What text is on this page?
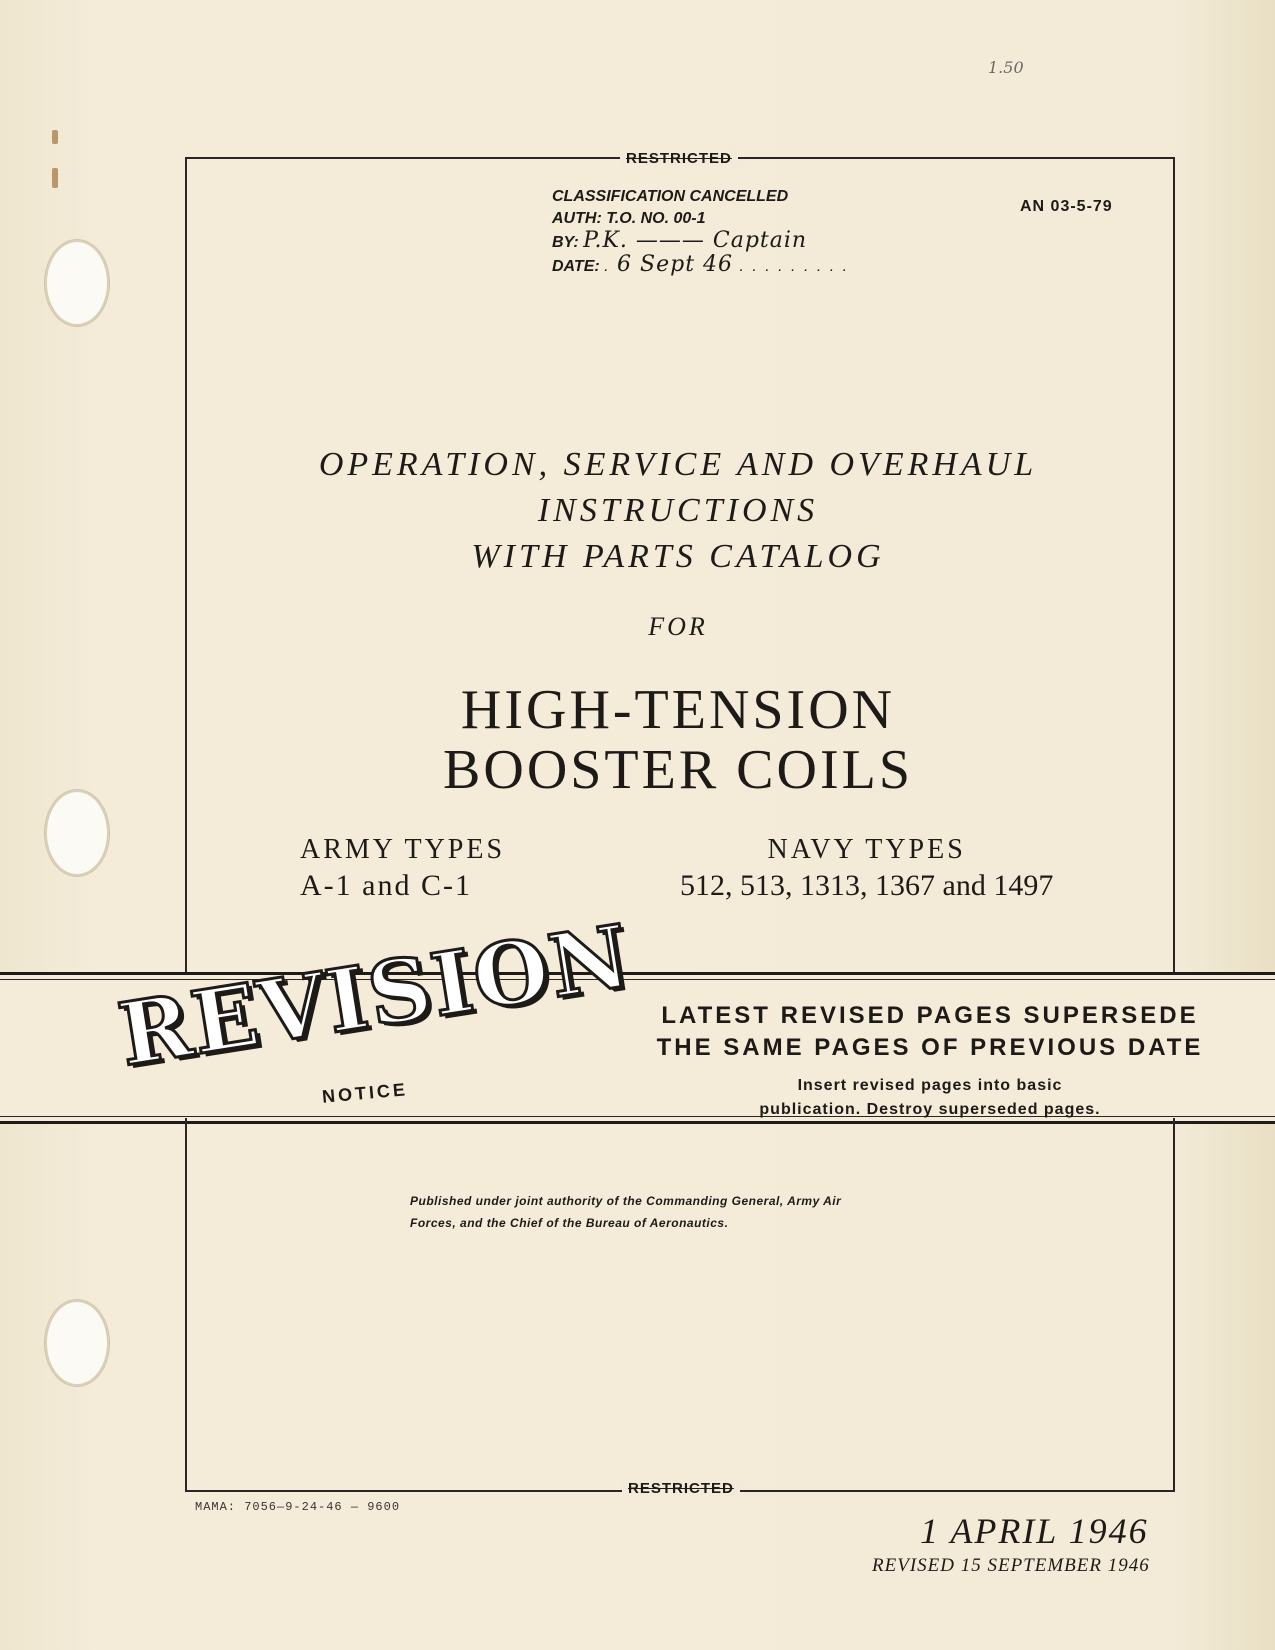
1.50
RESTRICTED
CLASSIFICATION CANCELLED
AUTH: T.O. NO. 00-1
BY: P.K. ——— Captain
DATE: . 6 Sept 46 . . . . . . . . .
AN 03-5-79
OPERATION, SERVICE AND OVERHAUL
INSTRUCTIONS
WITH PARTS CATALOG
FOR
HIGH-TENSION
BOOSTER COILS
ARMY TYPES
A-1 and C-1
NAVY TYPES
512, 513, 1313, 1367 and 1497
REVISION
NOTICE
LATEST REVISED PAGES SUPERSEDE
THE SAME PAGES OF PREVIOUS DATE
Insert revised pages into basic
publication. Destroy superseded pages.
Published under joint authority of the Commanding General, Army Air
Forces, and the Chief of the Bureau of Aeronautics.
RESTRICTED
MAMA: 7056—9-24-46 — 9600
1 APRIL 1946
REVISED 15 SEPTEMBER 1946
